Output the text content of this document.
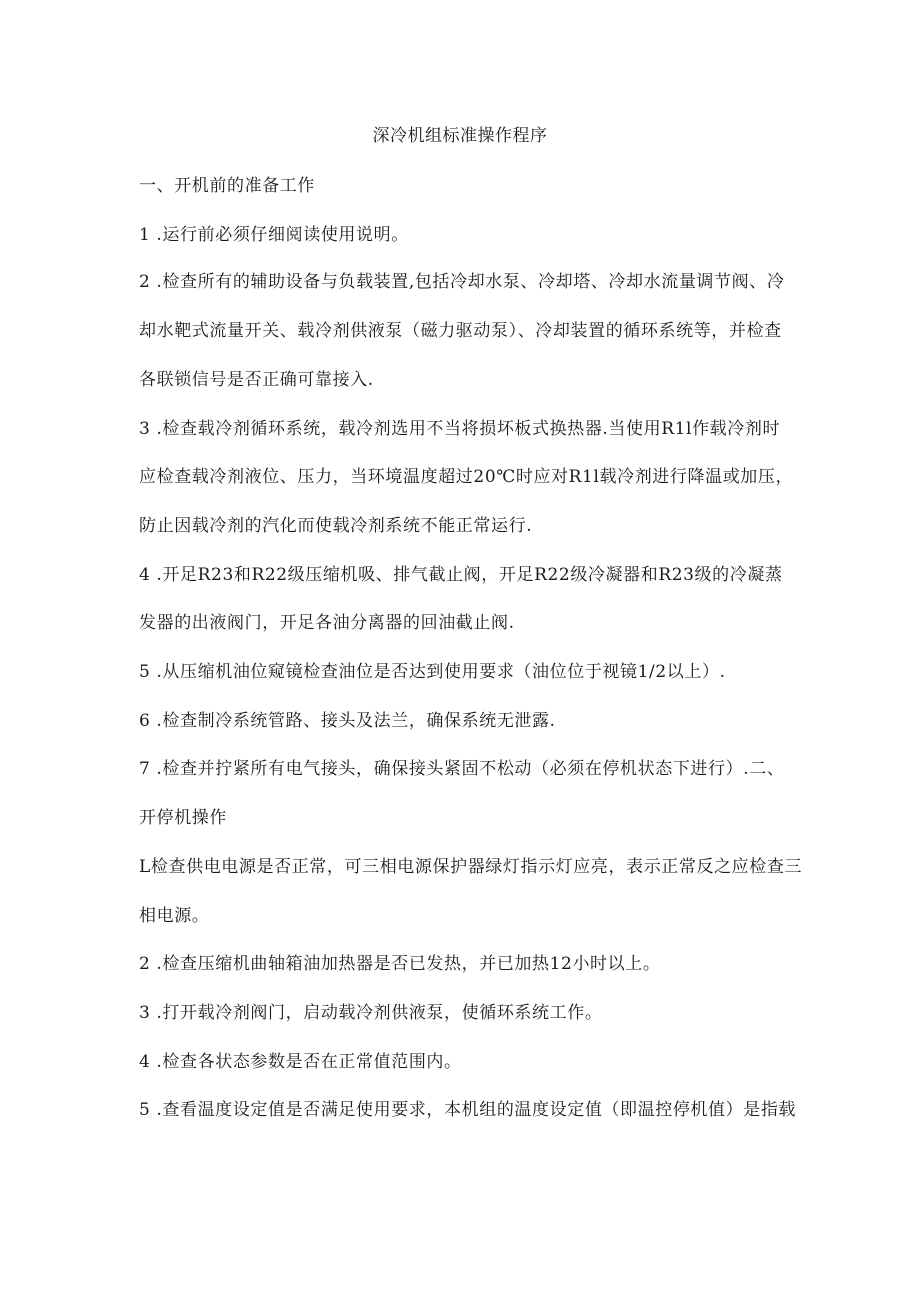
深冷机组标准操作程序
一、开机前的准备工作
1 .运行前必须仔细阅读使用说明。
2 .检查所有的辅助设备与负载装置,包括冷却水泵、冷却塔、冷却水流量调节阀、冷
却水靶式流量开关、载冷剂供液泵（磁力驱动泵）、冷却装置的循环系统等，并检查
各联锁信号是否正确可靠接入.
3 .检查载冷剂循环系统，载冷剂选用不当将损坏板式换热器.当使用R1l作载冷剂时
应检查载冷剂液位、压力，当环境温度超过20℃时应对R1l载冷剂进行降温或加压，
防止因载冷剂的汽化而使载冷剂系统不能正常运行.
4 .开足R23和R22级压缩机吸、排气截止阀，开足R22级冷凝器和R23级的冷凝蒸
发器的出液阀门，开足各油分离器的回油截止阀.
5 .从压缩机油位窥镜检查油位是否达到使用要求（油位位于视镜1/2以上）.
6 .检查制冷系统管路、接头及法兰，确保系统无泄露.
7 .检查并拧紧所有电气接头，确保接头紧固不松动（必须在停机状态下进行）.二、
开停机操作
L检查供电电源是否正常，可三相电源保护器绿灯指示灯应亮，表示正常反之应检查三
相电源。
2 .检查压缩机曲轴箱油加热器是否已发热，并已加热12小时以上。
3 .打开载冷剂阀门，启动载冷剂供液泵，使循环系统工作。
4 .检查各状态参数是否在正常值范围内。
5 .查看温度设定值是否满足使用要求，本机组的温度设定值（即温控停机值）是指载
